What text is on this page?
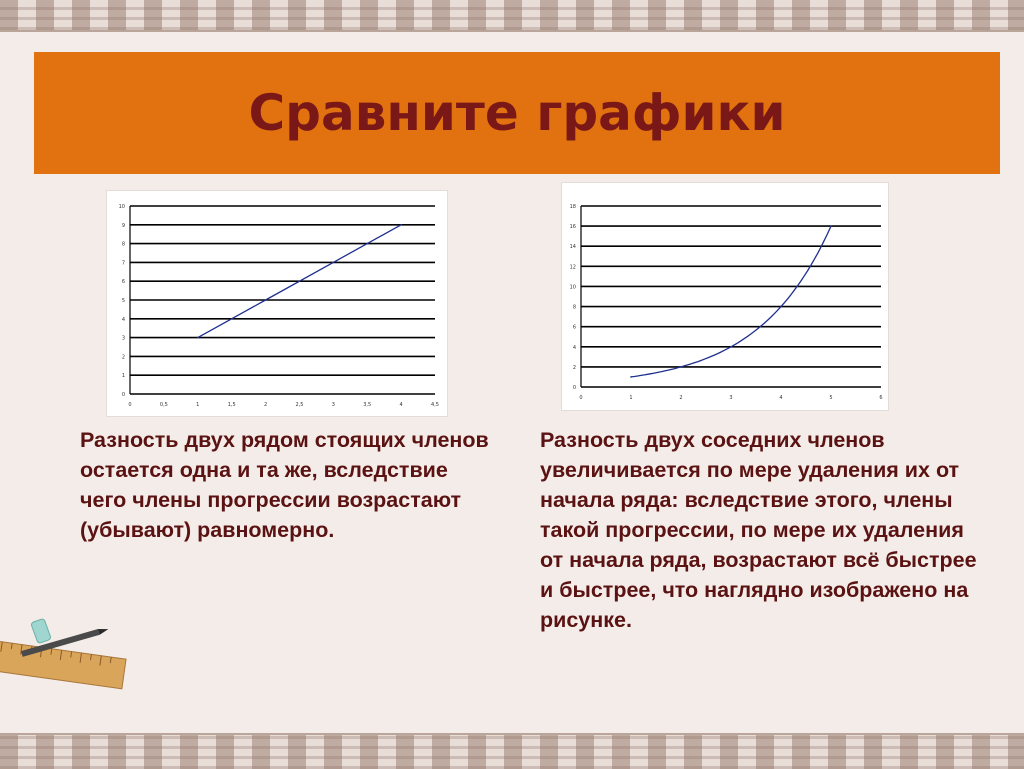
Сравните графики
0
1
2
3
4
5
6
7
8
9
10
0	0,5	1	1,5	2	2,5	3	3,5	4	4,5
0
2
4
6
8
10
12
14
16
18
0	1	2	3	4	5	6

Разность двух рядом стоящих членов остается одна и та же, вследствие чего члены прогрессии возрастают (убывают) равномерно.

Разность двух соседних членов увеличивается по мере удаления их от начала ряда: вследствие этого, члены такой прогрессии, по мере их удаления от начала ряда, возрастают всё быстрее и быстрее, что наглядно изображено на рисунке.
